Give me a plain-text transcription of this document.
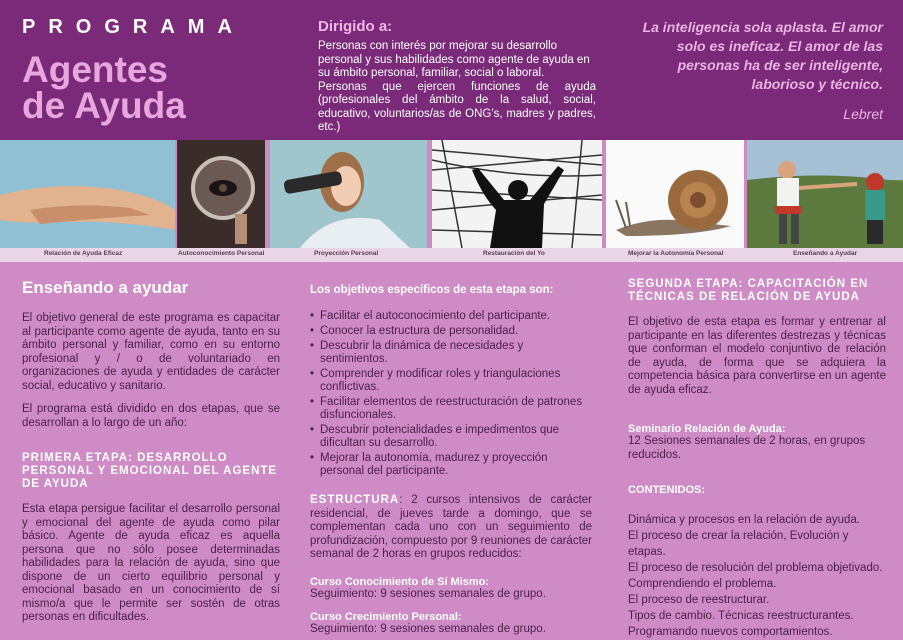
PROGRAMA
Agentes
de Ayuda
Dirigido a:

Personas con interés por mejorar su desarrollo personal y sus habilidades como agente de ayuda en su ámbito personal, familiar, social o laboral.

Personas que ejercen funciones de ayuda (profesionales del ámbito de la salud, social, educativo, voluntarios/as de ONG's, madres y padres, etc.)

La inteligencia sola aplasta. El amor solo es ineficaz. El amor de las personas ha de ser inteligente, laborioso y técnico.
Lebret
Relación de Ayuda Eficaz	Autoconocimiento Personal	Proyección Personal	Restauración del Yo	Mejorar la Autonomía Personal	Enseñando a Ayudar
Enseñando a ayudar

El objetivo general de este programa es capacitar al participante como agente de ayuda, tanto en su ámbito personal y familiar, como en su entorno profesional y / o de voluntariado en organizaciones de ayuda y entidades de carácter social, educativo y sanitario.

El programa está dividido en dos etapas, que se desarrollan a lo largo de un año:

PRIMERA ETAPA: DESARROLLO PERSONAL Y EMOCIONAL DEL AGENTE DE AYUDA

Esta etapa persigue facilitar el desarrollo personal y emocional del agente de ayuda como pilar básico. Agente de ayuda eficaz es aquella persona que no sólo posee determinadas habilidades para la relación de ayuda, sino que dispone de un cierto equilibrio personal y emocional basado en un conocimiento de sí mismo/a que le permite ser sostén de otras personas en dificultades.

Los objetivos específicos de esta etapa son:
• Facilitar el autoconocimiento del participante.
• Conocer la estructura de personalidad.
• Descubrir la dinámica de necesidades y sentimientos.
• Comprender y modificar roles y triangulaciones conflictivas.
• Facilitar elementos de reestructuración de patrones disfuncionales.
• Descubrir potencialidades e impedimentos que dificultan su desarrollo.
• Mejorar la autonomía, madurez y proyección personal del participante.

ESTRUCTURA: 2 cursos intensivos de carácter residencial, de jueves tarde a domingo, que se complementan cada uno con un seguimiento de profundización, compuesto por 9 reuniones de carácter semanal de 2 horas en grupos reducidos:

Curso Conocimiento de Sí Mismo:
Seguimiento: 9 sesiones semanales de grupo.
Curso Crecimiento Personal:
Seguimiento: 9 sesiones semanales de grupo.
SEGUNDA ETAPA: CAPACITACIÓN EN TÉCNICAS DE RELACIÓN DE AYUDA

El objetivo de esta etapa es formar y entrenar al participante en las diferentes destrezas y técnicas que conforman el modelo conjuntivo de relación de ayuda, de forma que se adquiera la competencia básica para convertirse en un agente de ayuda eficaz.

Seminario Relación de Ayuda:
12 Sesiones semanales de 2 horas, en grupos reducidos.
CONTENIDOS:
Dinámica y procesos en la relación de ayuda.
El proceso de crear la relación, Evolución y etapas.
El proceso de resolución del problema objetivado.
Comprendiendo el problema.
El proceso de reestructurar.
Tipos de cambio. Técnicas reestructurantes.
Programando nuevos comportamientos.
